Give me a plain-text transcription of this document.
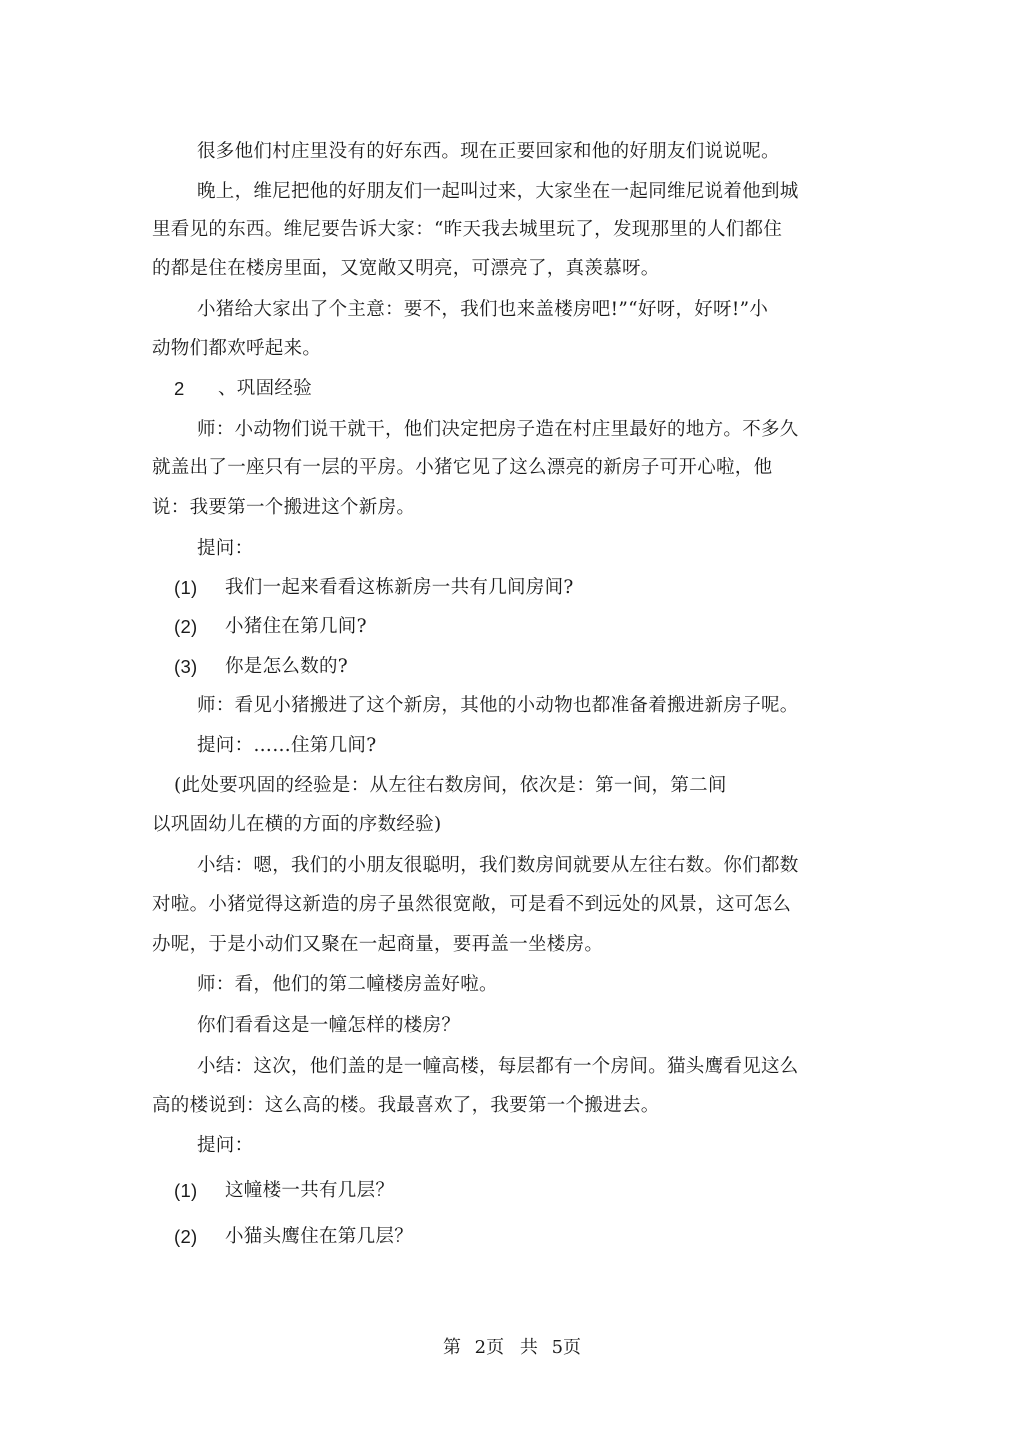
很多他们村庄里没有的好东西。现在正要回家和他的好朋友们说说呢。
晚上，维尼把他的好朋友们一起叫过来，大家坐在一起同维尼说着他到城
里看见的东西。维尼要告诉大家：“昨天我去城里玩了，发现那里的人们都住
的都是住在楼房里面，又宽敞又明亮，可漂亮了，真羡慕呀。
小猪给大家出了个主意：要不，我们也来盖楼房吧!”“好呀，好呀!”小
动物们都欢呼起来。
2 、巩固经验
师：小动物们说干就干，他们决定把房子造在村庄里最好的地方。不多久
就盖出了一座只有一层的平房。小猪它见了这么漂亮的新房子可开心啦，他
说：我要第一个搬进这个新房。
提问：
(1) 我们一起来看看这栋新房一共有几间房间?
(2) 小猪住在第几间?
(3) 你是怎么数的?
师：看见小猪搬进了这个新房，其他的小动物也都准备着搬进新房子呢。
提问：……住第几间?
(此处要巩固的经验是：从左往右数房间，依次是：第一间，第二间
以巩固幼儿在横的方面的序数经验)
小结：嗯，我们的小朋友很聪明，我们数房间就要从左往右数。你们都数
对啦。小猪觉得这新造的房子虽然很宽敞，可是看不到远处的风景，这可怎么
办呢，于是小动们又聚在一起商量，要再盖一坐楼房。
师：看，他们的第二幢楼房盖好啦。
你们看看这是一幢怎样的楼房？
小结：这次，他们盖的是一幢高楼，每层都有一个房间。猫头鹰看见这么
高的楼说到：这么高的楼。我最喜欢了，我要第一个搬进去。
提问：
(1) 这幢楼一共有几层？
(2) 小猫头鹰住在第几层？
第 2页 共 5页
